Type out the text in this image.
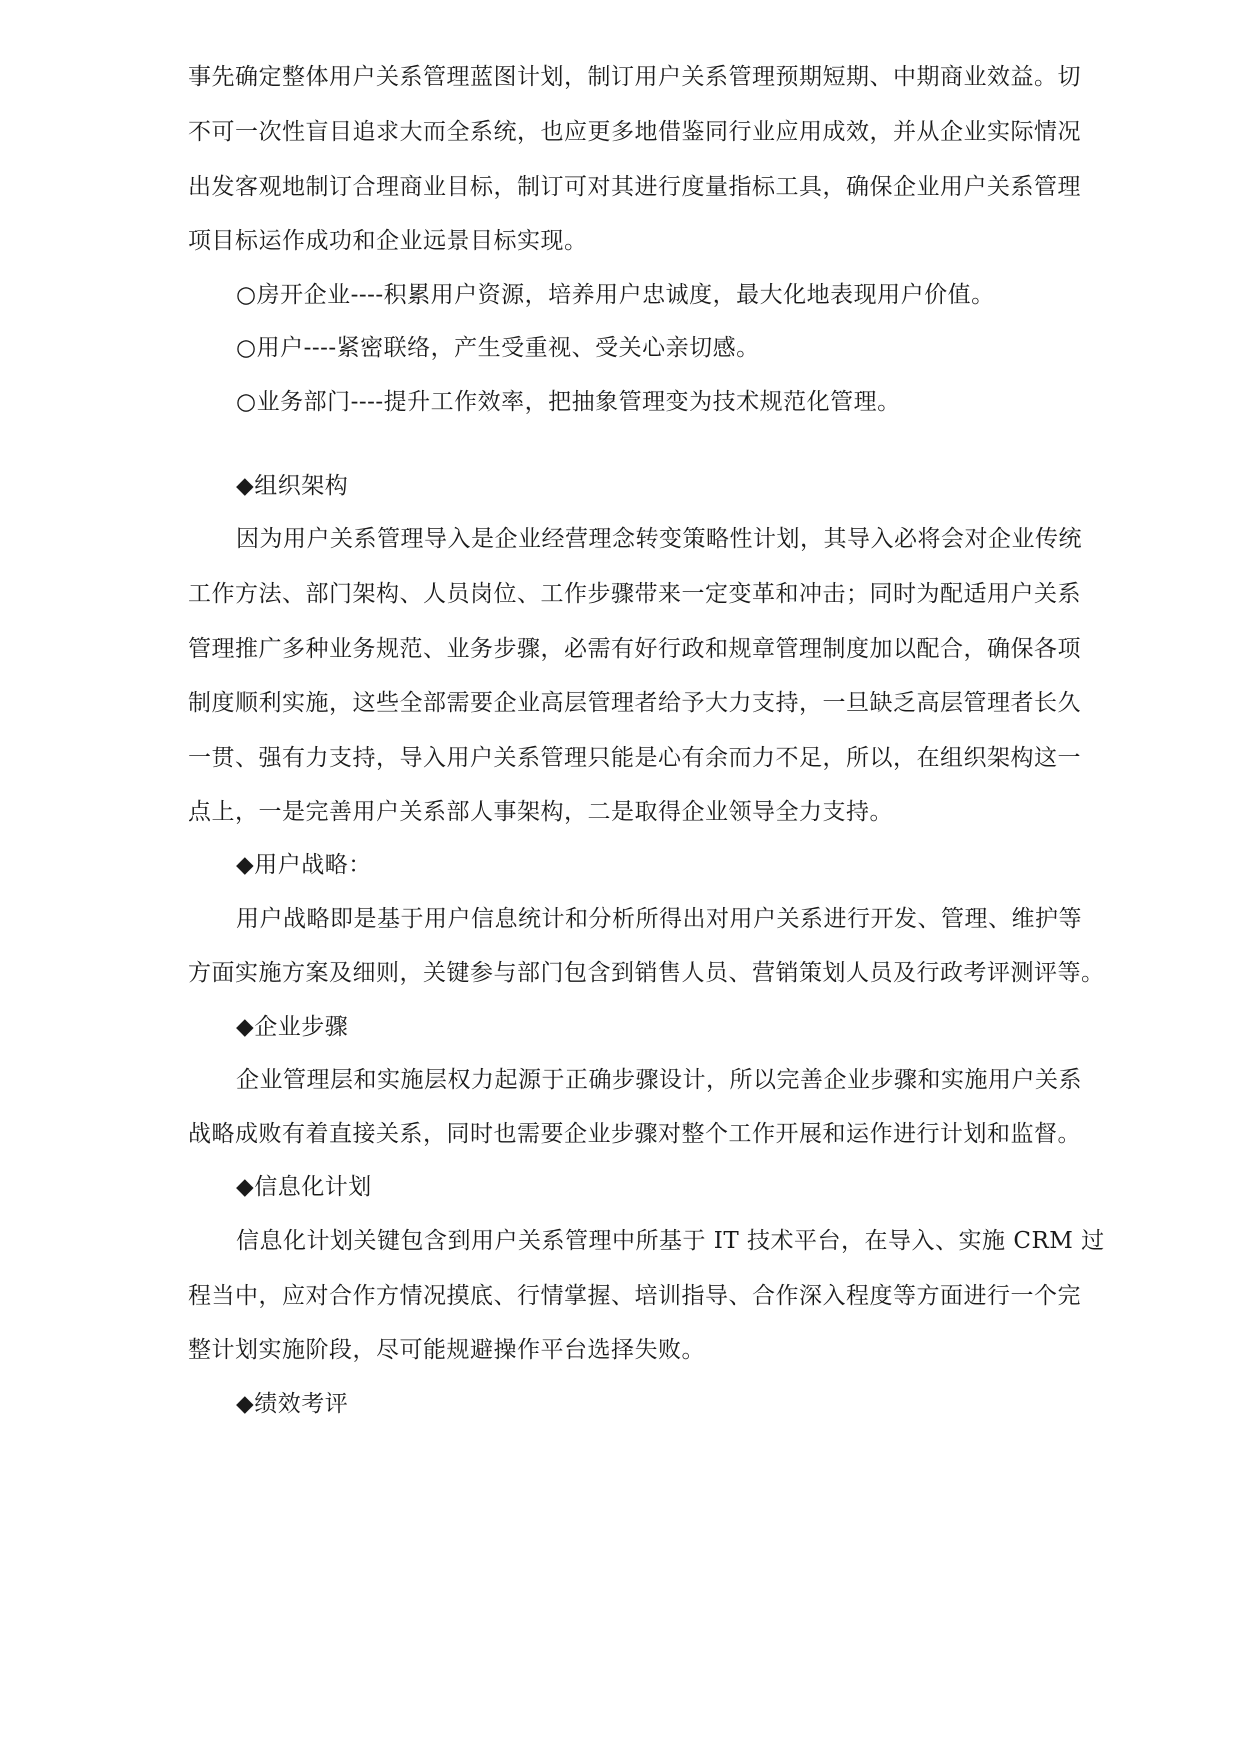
事先确定整体用户关系管理蓝图计划，制订用户关系管理预期短期、中期商业效益。切
不可一次性盲目追求大而全系统，也应更多地借鉴同行业应用成效，并从企业实际情况
出发客观地制订合理商业目标，制订可对其进行度量指标工具，确保企业用户关系管理
项目标运作成功和企业远景目标实现。
○房开企业----积累用户资源，培养用户忠诚度，最大化地表现用户价值。
○用户----紧密联络，产生受重视、受关心亲切感。
○业务部门----提升工作效率，把抽象管理变为技术规范化管理。
◆组织架构
因为用户关系管理导入是企业经营理念转变策略性计划，其导入必将会对企业传统
工作方法、部门架构、人员岗位、工作步骤带来一定变革和冲击；同时为配适用户关系
管理推广多种业务规范、业务步骤，必需有好行政和规章管理制度加以配合，确保各项
制度顺利实施，这些全部需要企业高层管理者给予大力支持，一旦缺乏高层管理者长久
一贯、强有力支持，导入用户关系管理只能是心有余而力不足，所以，在组织架构这一
点上，一是完善用户关系部人事架构，二是取得企业领导全力支持。
◆用户战略：
用户战略即是基于用户信息统计和分析所得出对用户关系进行开发、管理、维护等
方面实施方案及细则，关键参与部门包含到销售人员、营销策划人员及行政考评测评等。
◆企业步骤
企业管理层和实施层权力起源于正确步骤设计，所以完善企业步骤和实施用户关系
战略成败有着直接关系，同时也需要企业步骤对整个工作开展和运作进行计划和监督。
◆信息化计划
信息化计划关键包含到用户关系管理中所基于 IT 技术平台，在导入、实施 CRM 过
程当中，应对合作方情况摸底、行情掌握、培训指导、合作深入程度等方面进行一个完
整计划实施阶段，尽可能规避操作平台选择失败。
◆绩效考评
